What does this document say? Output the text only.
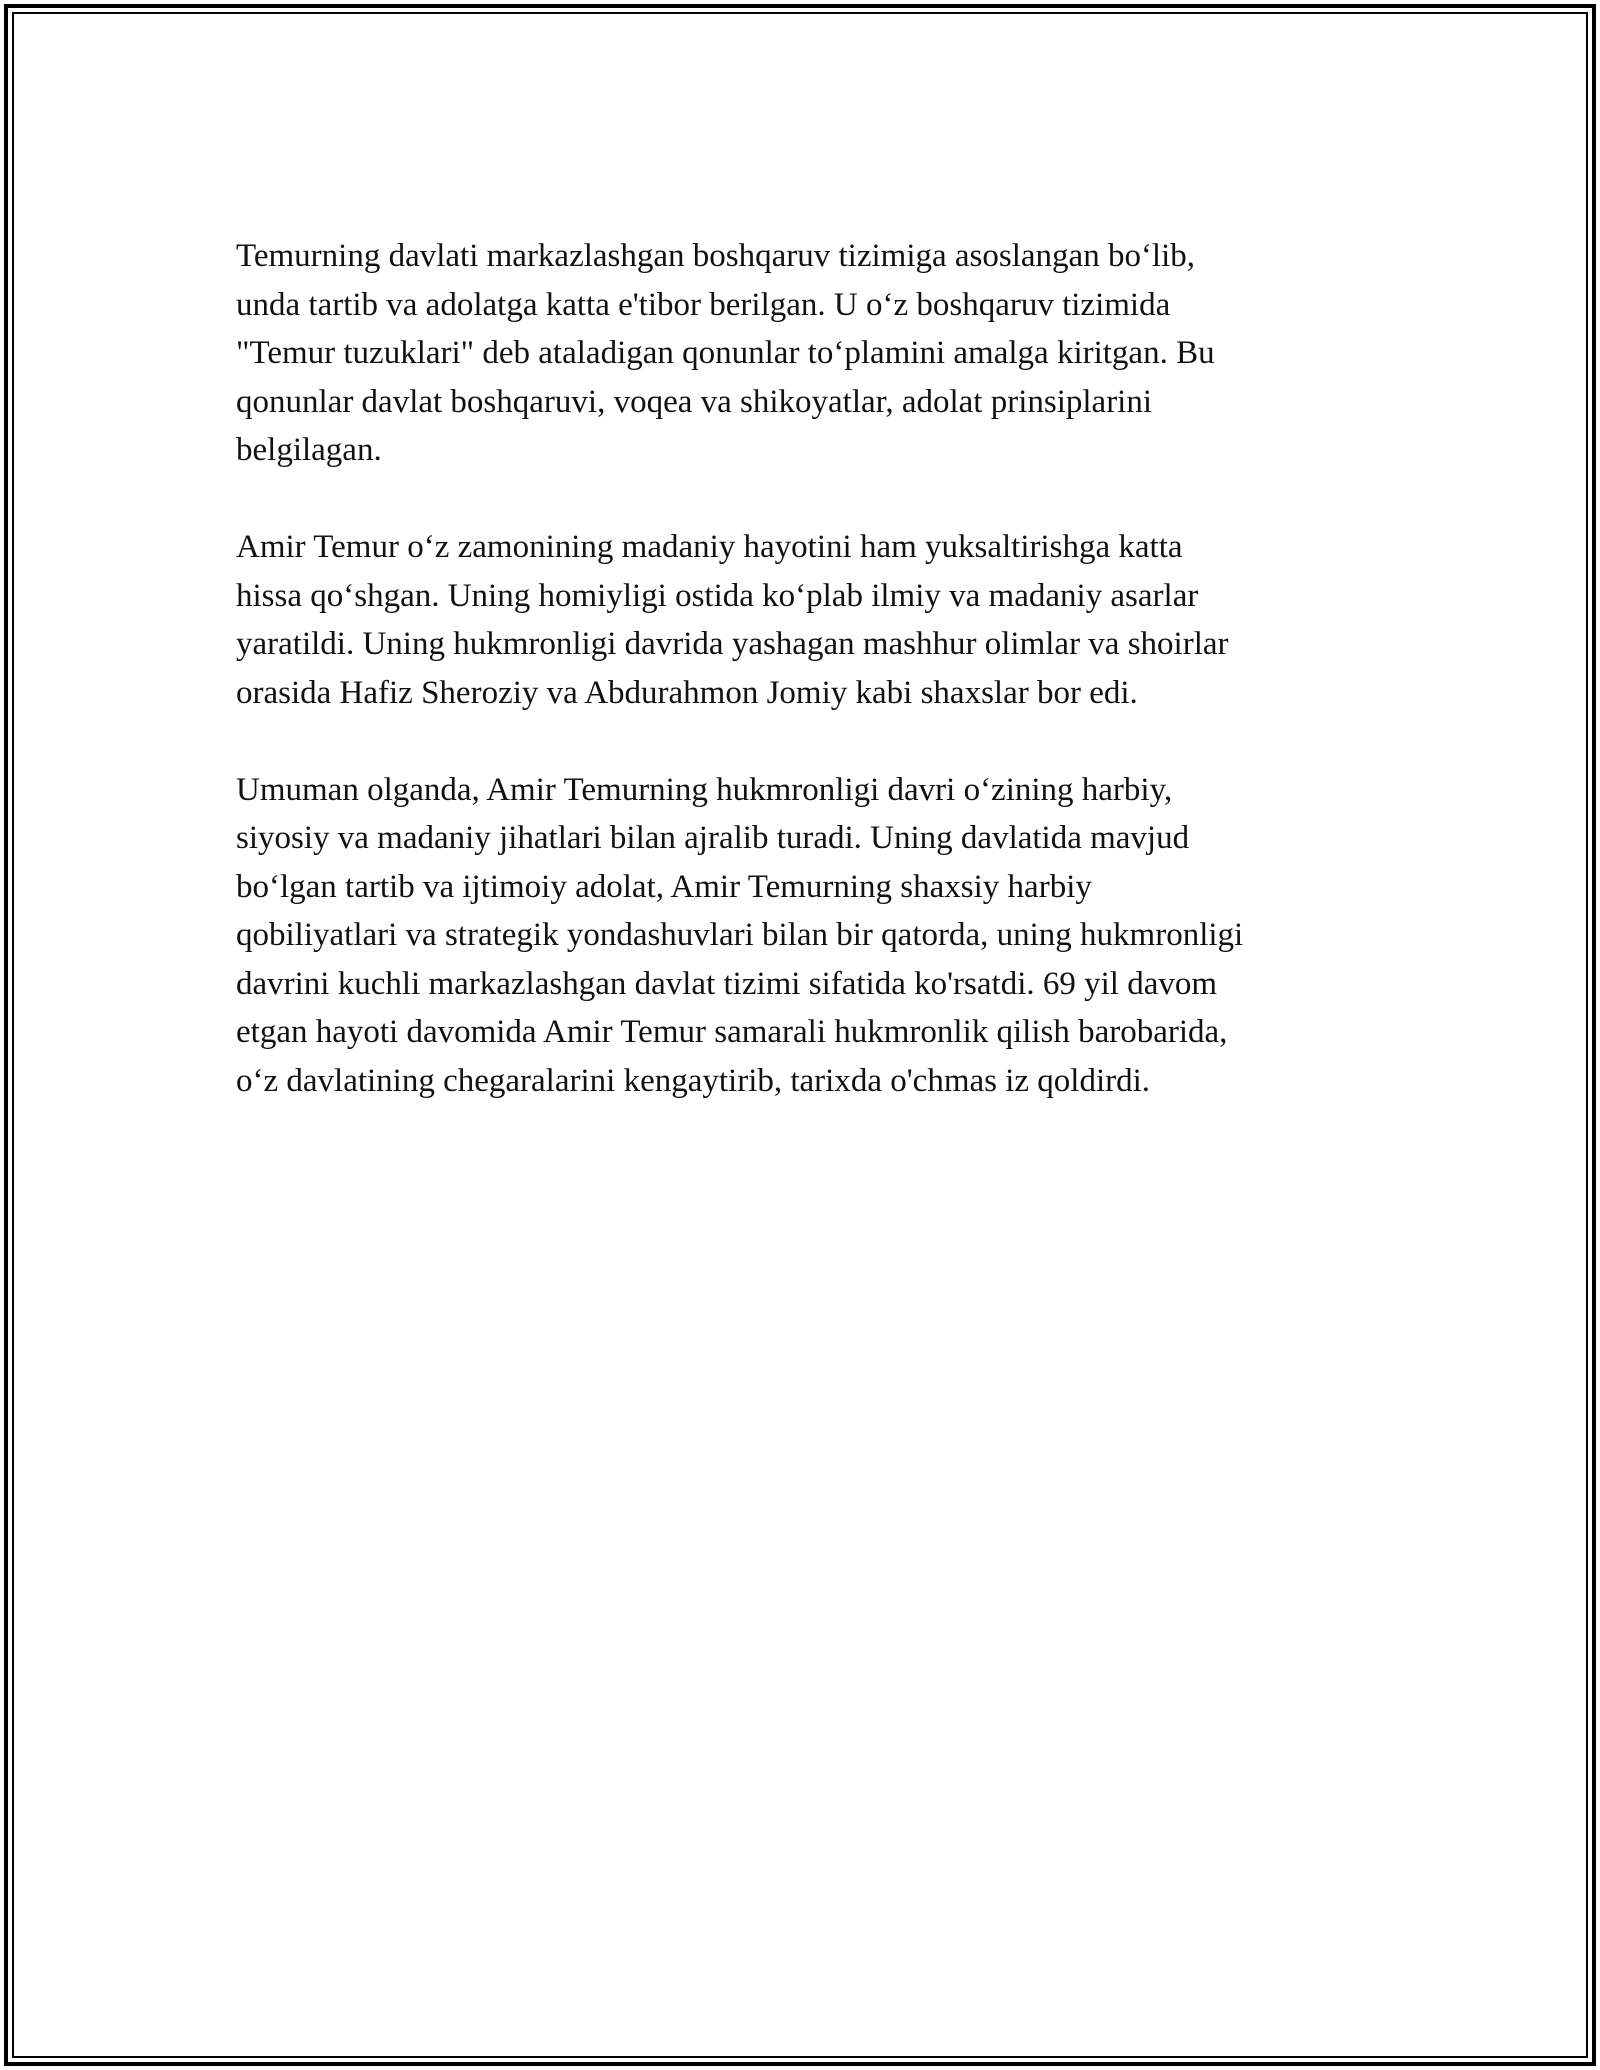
Temurning davlati markazlashgan boshqaruv tizimiga asoslangan bo‘lib,
unda tartib va adolatga katta e'tibor berilgan. U o‘z boshqaruv tizimida
"Temur tuzuklari" deb ataladigan qonunlar to‘plamini amalga kiritgan. Bu
qonunlar davlat boshqaruvi, voqea va shikoyatlar, adolat prinsiplarini
belgilagan.

Amir Temur o‘z zamonining madaniy hayotini ham yuksaltirishga katta
hissa qo‘shgan. Uning homiyligi ostida ko‘plab ilmiy va madaniy asarlar
yaratildi. Uning hukmronligi davrida yashagan mashhur olimlar va shoirlar
orasida Hafiz Sheroziy va Abdurahmon Jomiy kabi shaxslar bor edi.

Umuman olganda, Amir Temurning hukmronligi davri o‘zining harbiy,
siyosiy va madaniy jihatlari bilan ajralib turadi. Uning davlatida mavjud
bo‘lgan tartib va ijtimoiy adolat, Amir Temurning shaxsiy harbiy
qobiliyatlari va strategik yondashuvlari bilan bir qatorda, uning hukmronligi
davrini kuchli markazlashgan davlat tizimi sifatida ko'rsatdi. 69 yil davom
etgan hayoti davomida Amir Temur samarali hukmronlik qilish barobarida,
o‘z davlatining chegaralarini kengaytirib, tarixda o'chmas iz qoldirdi.
